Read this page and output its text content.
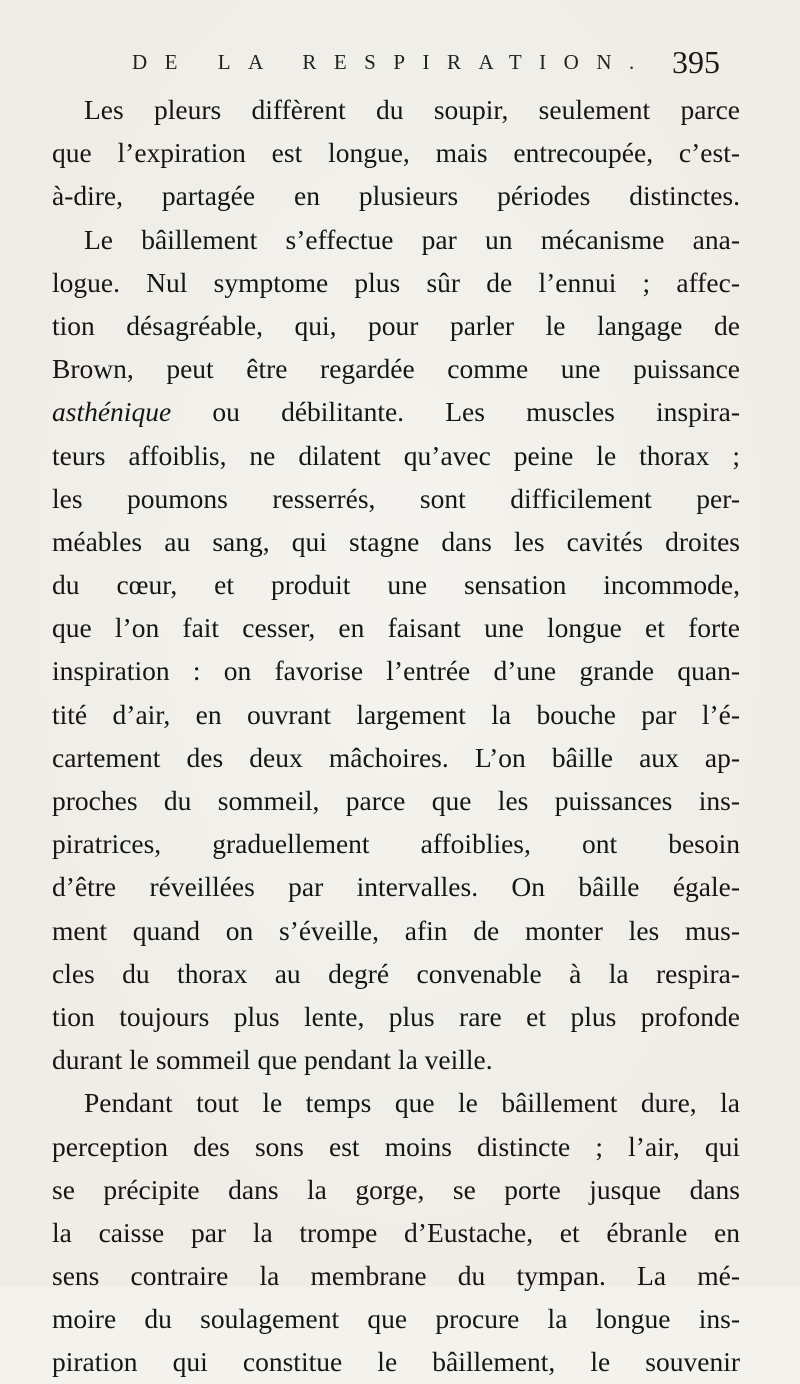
DE LA RESPIRATION. 395
Les pleurs diffèrent du soupir, seulement parce
que l’expiration est longue, mais entrecoupée, c’est-
à-dire, partagée en plusieurs périodes distinctes.
Le bâillement s’effectue par un mécanisme ana-
logue. Nul symptome plus sûr de l’ennui ; affec-
tion désagréable, qui, pour parler le langage de
Brown, peut être regardée comme une puissance
asthénique ou débilitante. Les muscles inspira-
teurs affoiblis, ne dilatent qu’avec peine le thorax ;
les poumons resserrés, sont difficilement per-
méables au sang, qui stagne dans les cavités droites
du cœur, et produit une sensation incommode,
que l’on fait cesser, en faisant une longue et forte
inspiration : on favorise l’entrée d’une grande quan-
tité d’air, en ouvrant largement la bouche par l’é-
cartement des deux mâchoires. L’on bâille aux ap-
proches du sommeil, parce que les puissances ins-
piratrices, graduellement affoiblies, ont besoin
d’être réveillées par intervalles. On bâille égale-
ment quand on s’éveille, afin de monter les mus-
cles du thorax au degré convenable à la respira-
tion toujours plus lente, plus rare et plus profonde
durant le sommeil que pendant la veille.
Pendant tout le temps que le bâillement dure, la
perception des sons est moins distincte ; l’air, qui
se précipite dans la gorge, se porte jusque dans
la caisse par la trompe d’Eustache, et ébranle en
sens contraire la membrane du tympan. La mé-
moire du soulagement que procure la longue ins-
piration qui constitue le bâillement, le souvenir
